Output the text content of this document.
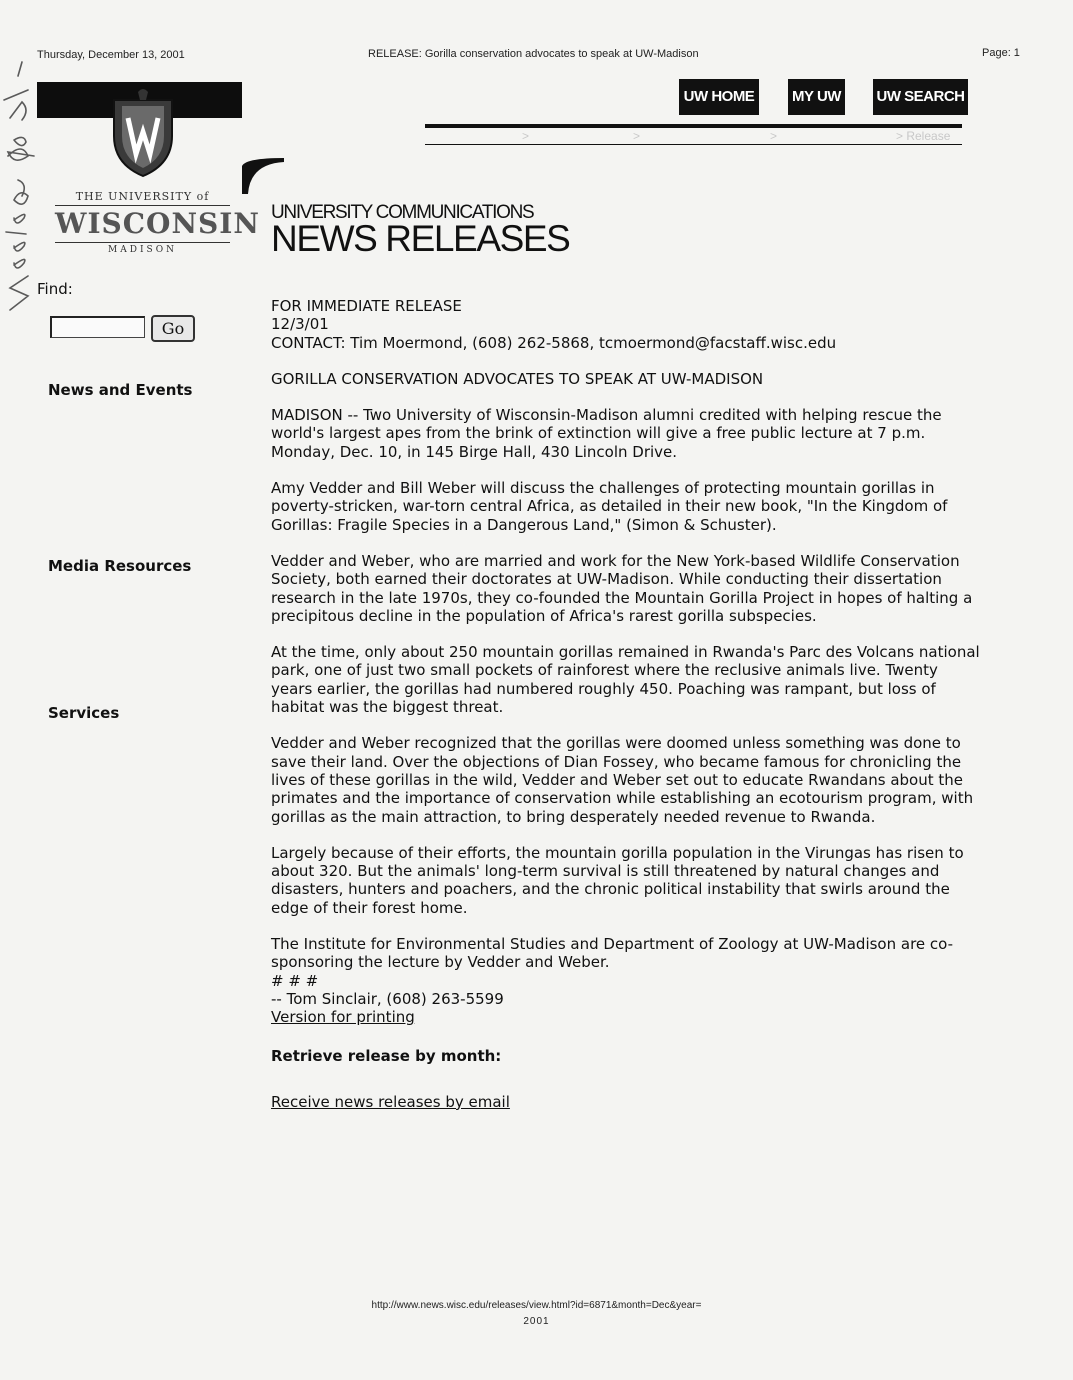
Thursday, December 13, 2001	RELEASE: Gorilla conservation advocates to speak at UW-Madison	Page: 1
THE UNIVERSITY of
WISCONSIN
MADISON
UW HOME	MY UW UW SEARCH
>	>	>	> Release
UNIVERSITY COMMUNICATIONS
NEWS RELEASES
Find:
Go
News and Events
Media Resources
Services
FOR IMMEDIATE RELEASE
12/3/01

CONTACT: Tim Moermond, (608) 262-5868, tcmoermond@facstaff.wisc.edu

GORILLA CONSERVATION ADVOCATES TO SPEAK AT UW-MADISON

MADISON -- Two University of Wisconsin-Madison alumni credited with helping rescue the world's largest apes from the brink of extinction will give a free public lecture at 7 p.m. Monday, Dec. 10, in 145 Birge Hall, 430 Lincoln Drive.

Amy Vedder and Bill Weber will discuss the challenges of protecting mountain gorillas in poverty-stricken, war-torn central Africa, as detailed in their new book, "In the Kingdom of Gorillas: Fragile Species in a Dangerous Land," (Simon & Schuster).

Vedder and Weber, who are married and work for the New York-based Wildlife Conservation Society, both earned their doctorates at UW-Madison. While conducting their dissertation research in the late 1970s, they co-founded the Mountain Gorilla Project in hopes of halting a precipitous decline in the population of Africa's rarest gorilla subspecies.

At the time, only about 250 mountain gorillas remained in Rwanda's Parc des Volcans national park, one of just two small pockets of rainforest where the reclusive animals live. Twenty years earlier, the gorillas had numbered roughly 450. Poaching was rampant, but loss of habitat was the biggest threat.

Vedder and Weber recognized that the gorillas were doomed unless something was done to save their land. Over the objections of Dian Fossey, who became famous for chronicling the lives of these gorillas in the wild, Vedder and Weber set out to educate Rwandans about the primates and the importance of conservation while establishing an ecotourism program, with gorillas as the main attraction, to bring desperately needed revenue to Rwanda.

Largely because of their efforts, the mountain gorilla population in the Virungas has risen to about 320. But the animals' long-term survival is still threatened by natural changes and disasters, hunters and poachers, and the chronic political instability that swirls around the edge of their forest home.

The Institute for Environmental Studies and Department of Zoology at UW-Madison are co-sponsoring the lecture by Vedder and Weber.
# # #
-- Tom Sinclair, (608) 263-5599
Version for printing
Retrieve release by month:
Receive news releases by email
http://www.news.wisc.edu/releases/view.html?id=6871&month=Dec&year=
2001
